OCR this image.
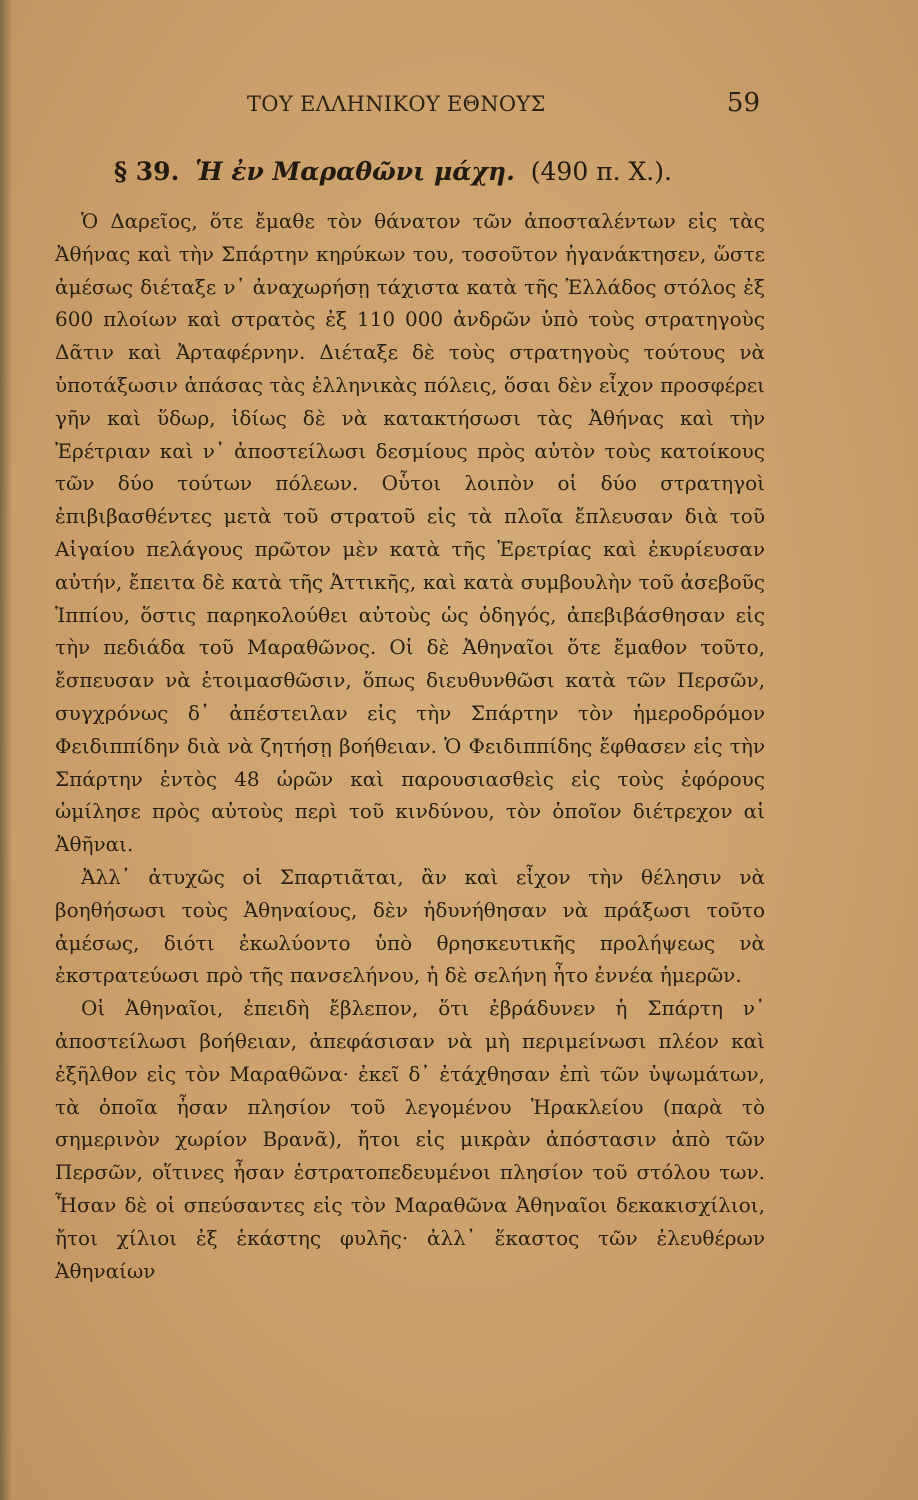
ΤΟΥ ΕΛΛΗΝΙΚΟΥ ΕΘΝΟΥΣ	59
§ 39. Ἡ ἐν Μαραθῶνι μάχη. (490 π. Χ.).

Ὁ Δαρεῖος, ὅτε ἔμαθε τὸν θάνατον τῶν ἀποσταλέντων εἰς τὰς Ἀθήνας καὶ τὴν Σπάρτην κηρύκων του, τοσοῦτον ἠγανάκτησεν, ὥστε ἀμέσως διέταξε ν᾽ ἀναχωρήσῃ τάχιστα κατὰ τῆς Ἑλλάδος στόλος ἐξ 600 πλοίων καὶ στρατὸς ἐξ 110 000 ἀνδρῶν ὑπὸ τοὺς στρατηγοὺς Δᾶτιν καὶ Ἀρταφέρνην. Διέταξε δὲ τοὺς στρατηγοὺς τούτους νὰ ὑποτάξωσιν ἁπάσας τὰς ἑλληνικὰς πόλεις, ὅσαι δὲν εἶχον προσφέρει γῆν καὶ ὕδωρ, ἰδίως δὲ νὰ κατακτήσωσι τὰς Ἀθήνας καὶ τὴν Ἐρέτριαν καὶ ν᾽ ἀποστείλωσι δεσμίους πρὸς αὐτὸν τοὺς κατοίκους τῶν δύο τούτων πόλεων. Οὗτοι λοιπὸν οἱ δύο στρατηγοὶ ἐπιβιβασθέντες μετὰ τοῦ στρατοῦ εἰς τὰ πλοῖα ἔπλευσαν διὰ τοῦ Αἰγαίου πελάγους πρῶτον μὲν κατὰ τῆς Ἐρετρίας καὶ ἐκυρίευσαν αὐτήν, ἔπειτα δὲ κατὰ τῆς Ἀττικῆς, καὶ κατὰ συμβουλὴν τοῦ ἀσεβοῦς Ἱππίου, ὅστις παρηκολούθει αὐτοὺς ὡς ὁδηγός, ἀπεβιβάσθησαν εἰς τὴν πεδιάδα τοῦ Μαραθῶνος. Οἱ δὲ Ἀθηναῖοι ὅτε ἔμαθον τοῦτο, ἔσπευσαν νὰ ἑτοιμασθῶσιν, ὅπως διευθυνθῶσι κατὰ τῶν Περσῶν, συγχρόνως δ᾽ ἀπέστειλαν εἰς τὴν Σπάρτην τὸν ἡμεροδρόμον Φειδιππίδην διὰ νὰ ζητήσῃ βοήθειαν. Ὁ Φειδιππίδης ἔφθασεν εἰς τὴν Σπάρτην ἐντὸς 48 ὡρῶν καὶ παρουσιασθεὶς εἰς τοὺς ἐφόρους ὡμίλησε πρὸς αὐτοὺς περὶ τοῦ κινδύνου, τὸν ὁποῖον διέτρεχον αἱ Ἀθῆναι.

Ἀλλ᾽ ἀτυχῶς οἱ Σπαρτιᾶται, ἂν καὶ εἶχον τὴν θέλησιν νὰ βοηθήσωσι τοὺς Ἀθηναίους, δὲν ἠδυνήθησαν νὰ πράξωσι τοῦτο ἀμέσως, διότι ἐκωλύοντο ὑπὸ θρησκευτικῆς προλήψεως νὰ ἐκστρατεύωσι πρὸ τῆς πανσελήνου, ἡ δὲ σελήνη ἦτο ἐννέα ἡμερῶν.

Οἱ Ἀθηναῖοι, ἐπειδὴ ἔβλεπον, ὅτι ἐβράδυνεν ἡ Σπάρτη ν᾽ ἀποστείλωσι βοήθειαν, ἀπεφάσισαν νὰ μὴ περιμείνωσι πλέον καὶ ἐξῆλθον εἰς τὸν Μαραθῶνα· ἐκεῖ δ᾽ ἐτάχθησαν ἐπὶ τῶν ὑψωμάτων, τὰ ὁποῖα ἦσαν πλησίον τοῦ λεγομένου Ἡρακλείου (παρὰ τὸ σημερινὸν χωρίον Βρανᾶ), ἤτοι εἰς μικρὰν ἀπόστασιν ἀπὸ τῶν Περσῶν, οἵτινες ἦσαν ἐστρατοπεδευμένοι πλησίον τοῦ στόλου των. Ἦσαν δὲ οἱ σπεύσαντες εἰς τὸν Μαραθῶνα Ἀθηναῖοι δεκακισχίλιοι, ἤτοι χίλιοι ἐξ ἑκάστης φυλῆς· ἀλλ᾽ ἕκαστος τῶν ἐλευθέρων Ἀθηναίων
